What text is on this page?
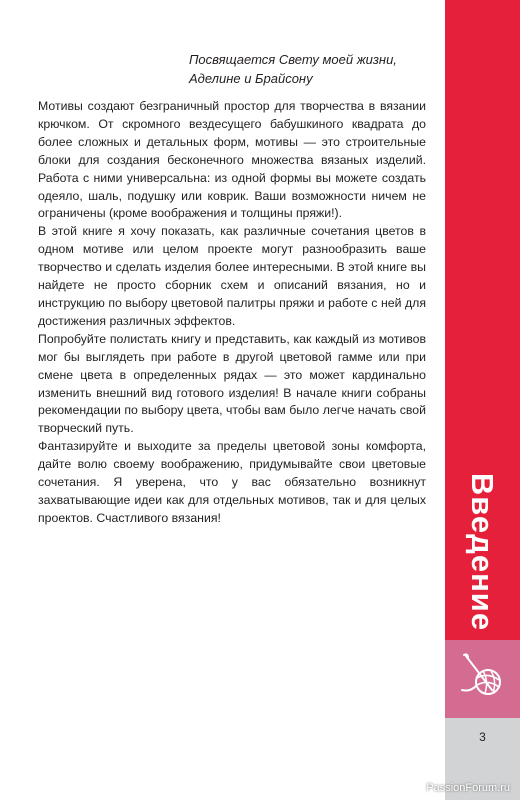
Посвящается Свету моей жизни,
Аделине и Брайсону

Мотивы создают безграничный простор для творчества в вязании крючком. От скромного вездесущего бабушкиного квадрата до более сложных и детальных форм, мотивы — это строительные блоки для создания бесконечного множества вязаных изделий. Работа с ними универсальна: из одной формы вы можете создать одеяло, шаль, подушку или коврик. Ваши возможности ничем не ограничены (кроме воображения и толщины пряжи!).

В этой книге я хочу показать, как различные сочетания цветов в одном мотиве или целом проекте могут разнообразить ваше творчество и сделать изделия более интересными. В этой книге вы найдете не просто сборник схем и описаний вязания, но и инструкцию по выбору цветовой палитры пряжи и работе с ней для достижения различных эффектов.

Попробуйте полистать книгу и представить, как каждый из мотивов мог бы выглядеть при работе в другой цветовой гамме или при смене цвета в определенных рядах — это может кардинально изменить внешний вид готового изделия! В начале книги собраны рекомендации по выбору цвета, чтобы вам было легче начать свой творческий путь.

Фантазируйте и выходите за пределы цветовой зоны комфорта, дайте волю своему воображению, придумывайте свои цветовые сочетания. Я уверена, что у вас обязательно возникнут захватывающие идеи как для отдельных мотивов, так и для целых проектов. Счастливого вязания!	Введение
3
PassionForum.ru
